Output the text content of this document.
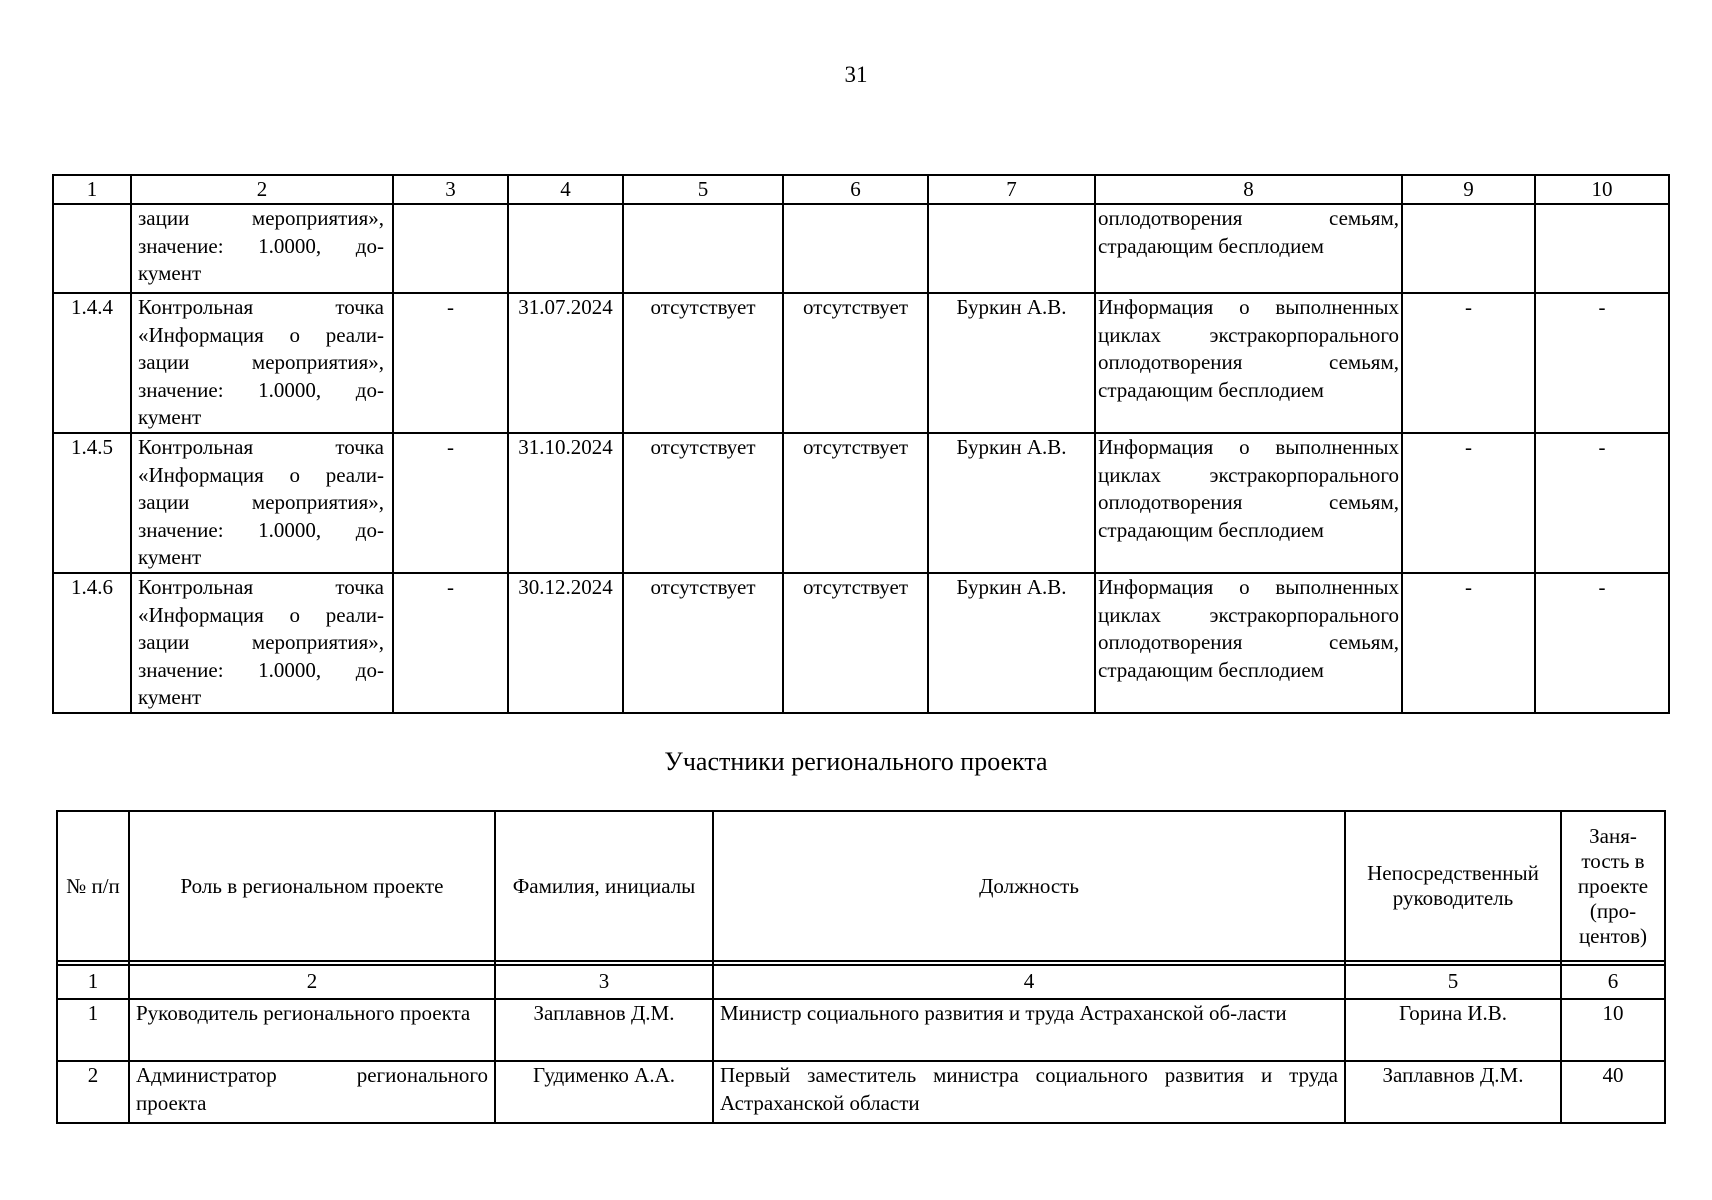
31
1	2	3	4	5	6	7	8	9	10
	зации мероприятия», значение: 1.0000, до-кумент						оплодотворения семьям, страдающим бесплодием		
1.4.4	Контрольная точка «Информация о реали-зации мероприятия», значение: 1.0000, до-кумент	-	31.07.2024	отсутствует	отсутствует	Буркин А.В.	Информация о выполненных циклах экстракорпорального оплодотворения семьям, страдающим бесплодием	-	-
1.4.5	Контрольная точка «Информация о реали-зации мероприятия», значение: 1.0000, до-кумент	-	31.10.2024	отсутствует	отсутствует	Буркин А.В.	Информация о выполненных циклах экстракорпорального оплодотворения семьям, страдающим бесплодием	-	-
1.4.6	Контрольная точка «Информация о реали-зации мероприятия», значение: 1.0000, до-кумент	-	30.12.2024	отсутствует	отсутствует	Буркин А.В.	Информация о выполненных циклах экстракорпорального оплодотворения семьям, страдающим бесплодием	-	-
Участники регионального проекта
№ п/п	Роль в региональном проекте	Фамилия, инициалы	Должность	Непосредственный руководитель	Заня-тость в проекте (про-центов)

1	2	3	4	5	6
1	Руководитель регионального проекта	Заплавнов Д.М.	Министр социального развития и труда Астраханской об-ласти	Горина И.В.	10
2	Администратор регионального проекта	Гудименко А.А.	Первый заместитель министра социального развития и труда Астраханской области	Заплавнов Д.М.	40
